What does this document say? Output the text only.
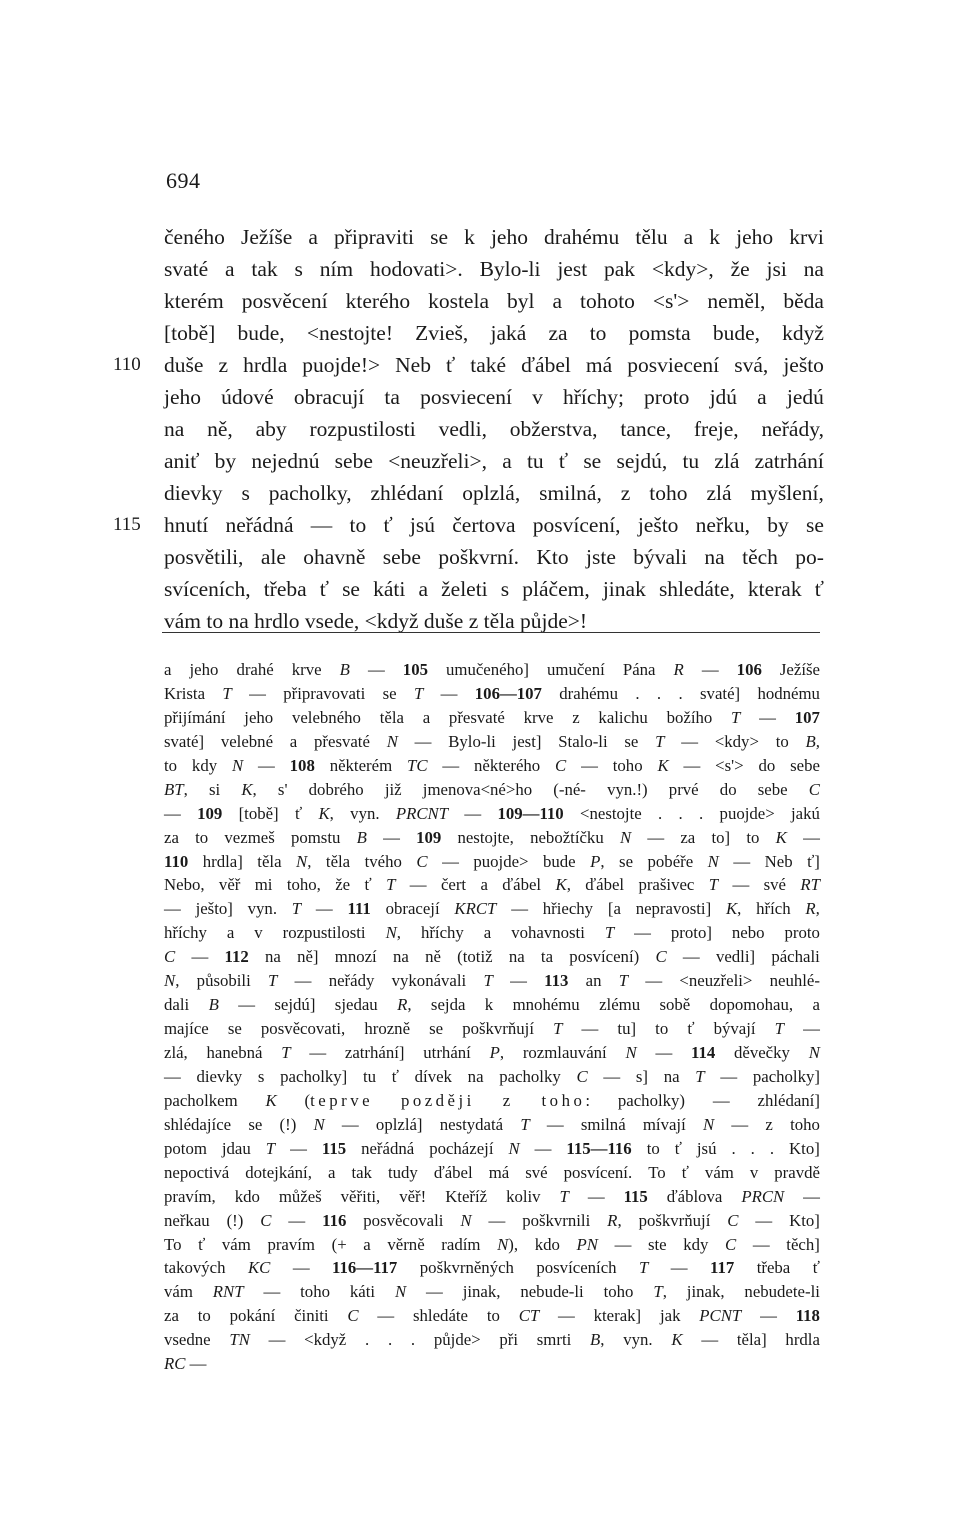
694
čeného Ježíše a připraviti se k jeho drahému tělu a k jeho krvi
svaté a tak s ním hodovati>. Bylo-li jest pak <kdy>, že jsi na
kterém posvěcení kterého kostela byl a tohoto <s'> neměl, běda
[tobě] bude, <nestojte! Zvieš, jaká za to pomsta bude, když
110 duše z hrdla puojde!> Neb ť také ďábel má posviecení svá, ješto
jeho údové obracují ta posviecení v hříchy; proto jdú a jedú
na ně, aby rozpustilosti vedli, obžerstva, tance, freje, neřády,
aniť by nejednú sebe <neuzřeli>, a tu ť se sejdú, tu zlá zatrhání
dievky s pacholky, zhlédaní oplzlá, smilná, z toho zlá myšlení,
115 hnutí neřádná — to ť jsú čertova posvícení, ješto neřku, by se
posvětili, ale ohavně sebe poškvrní. Kto jste bývali na těch po-
svíceních, třeba ť se káti a želeti s pláčem, jinak shledáte, kterak ť
vám to na hrdlo vsede, <když duše z těla půjde>!
a jeho drahé krve B — 105 umučeného] umučení Pána R — 106 Ježíše
Krista T — připravovati se T — 106—107 drahému . . . svaté] hodnému
přijímání jeho velebného těla a přesvaté krve z kalichu božího T — 107
svaté] velebné a přesvaté N — Bylo-li jest] Stalo-li se T — <kdy> to B,
to kdy N — 108 některém TC — některého C — toho K — <s'> do sebe
BT, si K, s' dobrého již jmenova<né>ho (-né- vyn.!) prvé do sebe C
— 109 [tobě] ť K, vyn. PRCNT — 109—110 <nestojte . . . puojde> jakú
za to vezmeš pomstu B — 109 nestojte, nebožtíčku N — za to] to K —
110 hrdla] těla N, těla tvého C — puojde> bude P, se pobéře N — Neb ť]
Nebo, věř mi toho, že ť T — čert a ďábel K, ďábel prašivec T — své RT
— ješto] vyn. T — 111 obracejí KRCT — hřiechy [a nepravosti] K, hřích R,
hříchy a v rozpustilosti N, hříchy a vohavnosti T — proto] nebo proto
C — 112 na ně] mnozí na ně (totiž na ta posvícení) C — vedli] páchali
N, působili T — neřády vykonávali T — 113 an T — <neuzřeli> neuhlé-
dali B — sejdú] sjedau R, sejda k mnohému zlému sobě dopomohau, a
majíce se posvěcovati, hrozně se poškvrňují T — tu] to ť bývají T —
zlá, hanebná T — zatrhání] utrhání P, rozmlauvání N — 114 děvečky N
— dievky s pacholky] tu ť dívek na pacholky C — s] na T — pacholky]
pacholkem K (teprve později z toho: pacholky) — zhlédaní]
shlédajíce se (!) N — oplzlá] nestydatá T — smilná mívají N — z toho
potom jdau T — 115 neřádná pocházejí N — 115—116 to ť jsú . . . Kto]
nepoctivá dotejkání, a tak tudy ďábel má své posvícení. To ť vám v pravdě
pravím, kdo můžeš věřiti, věř! Kteříž koliv T — 115 ďáblova PRCN —
neřkau (!) C — 116 posvěcovali N — poškvrnili R, poškvrňují C — Kto]
To ť vám pravím (+ a věrně radím N), kdo PN — ste kdy C — těch]
takových KC — 116—117 poškvrněných posvíceních T — 117 třeba ť
vám RNT — toho káti N — jinak, nebude-li toho T, jinak, nebudete-li
za to pokání činiti C — shledáte to CT — kterak] jak PCNT — 118
vsedne TN — <když . . . půjde> při smrti B, vyn. K — těla] hrdla
RC —
